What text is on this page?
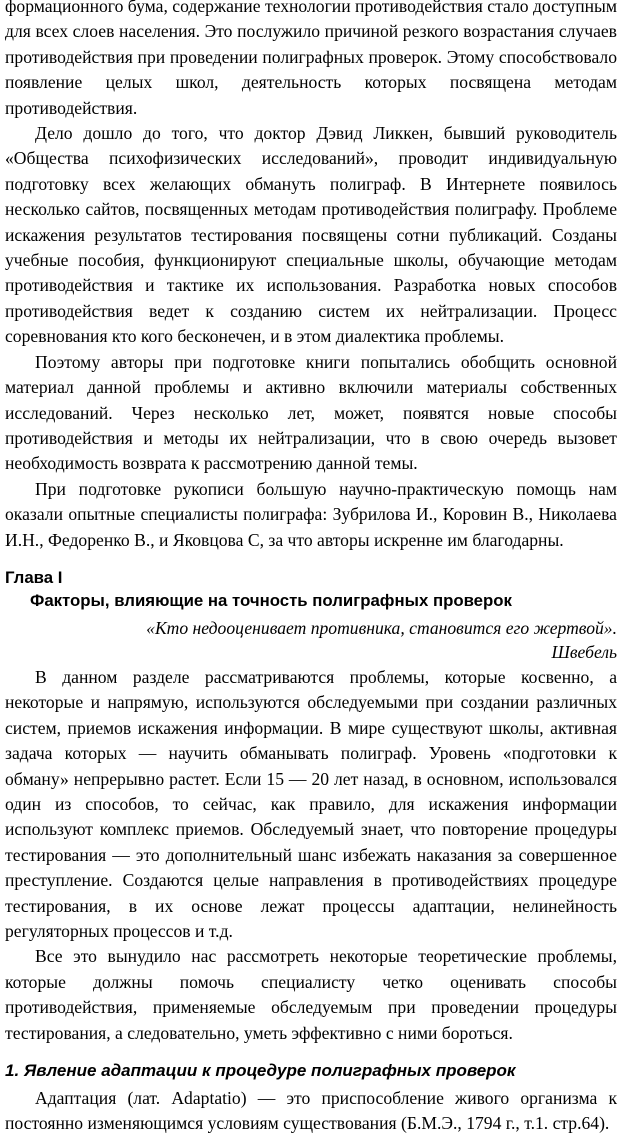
формационного бума, содержание технологии противодействия стало доступным для всех слоев населения. Это послужило причиной резкого возрастания случаев противодействия при проведении полиграфных проверок. Этому способствовало появление целых школ, деятельность которых посвящена методам противодействия.

Дело дошло до того, что доктор Дэвид Ликкен, бывший руководитель «Общества психофизических исследований», проводит индивидуальную подготовку всех желающих обмануть полиграф. В Интернете появилось несколько сайтов, посвященных методам противодействия полиграфу. Проблеме искажения результатов тестирования посвящены сотни публикаций. Созданы учебные пособия, функционируют специальные школы, обучающие методам противодействия и тактике их использования. Разработка новых способов противодействия ведет к созданию систем их нейтрализации. Процесс соревнования кто кого бесконечен, и в этом диалектика проблемы.

Поэтому авторы при подготовке книги попытались обобщить основной материал данной проблемы и активно включили материалы собственных исследований. Через несколько лет, может, появятся новые способы противодействия и методы их нейтрализации, что в свою очередь вызовет необходимость возврата к рассмотрению данной темы.

При подготовке рукописи большую научно-практическую помощь нам оказали опытные специалисты полиграфа: Зубрилова И., Коровин В., Николаева И.Н., Федоренко В., и Яковцова С, за что авторы искренне им благодарны.

Глава I
Факторы, влияющие на точность полиграфных проверок

«Кто недооценивает противника, становится его жертвой».

Швебель

В данном разделе рассматриваются проблемы, которые косвенно, а некоторые и напрямую, используются обследуемыми при создании различных систем, приемов искажения информации. В мире существуют школы, активная задача которых — научить обманывать полиграф. Уровень «подготовки к обману» непрерывно растет. Если 15 — 20 лет назад, в основном, использовался один из способов, то сейчас, как правило, для искажения информации используют комплекс приемов. Обследуемый знает, что повторение процедуры тестирования — это дополнительный шанс избежать наказания за совершенное преступление. Создаются целые направления в противодействиях процедуре тестирования, в их основе лежат процессы адаптации, нелинейность регуляторных процессов и т.д.

Все это вынудило нас рассмотреть некоторые теоретические проблемы, которые должны помочь специалисту четко оценивать способы противодействия, применяемые обследуемым при проведении процедуры тестирования, а следовательно, уметь эффективно с ними бороться.

1. Явление адаптации к процедуре полиграфных проверок

Адаптация (лат. Adaptatio) — это приспособление живого организма к постоянно изменяющимся условиям существования (Б.М.Э., 1794 г., т.1. стр.64).
